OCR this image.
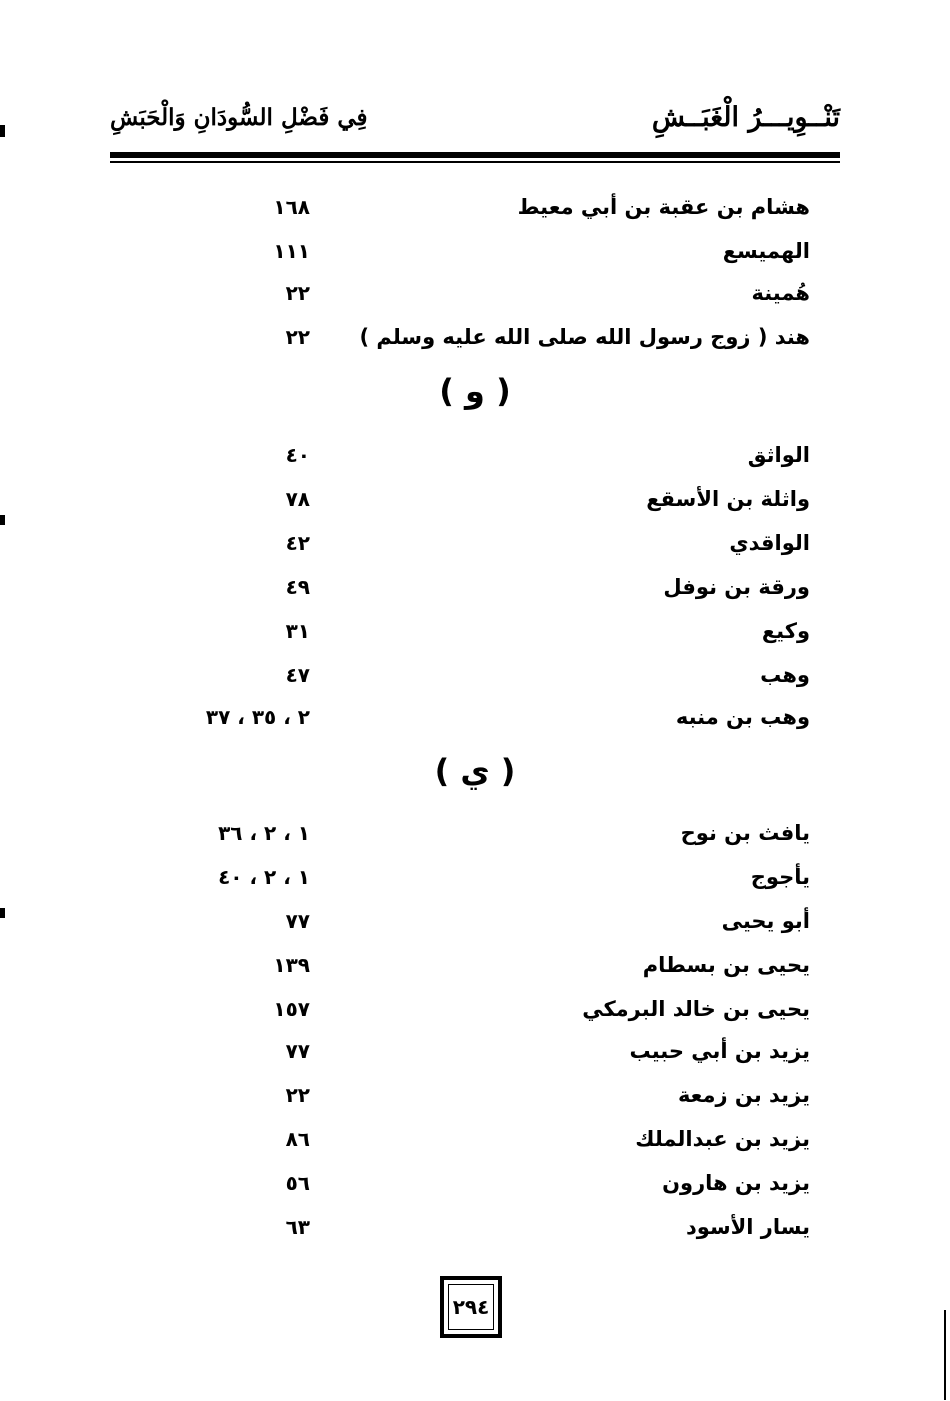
تَنْــوِيـــرُ الْغَبَــشِ
فِي فَضْلِ السُّودَانِ وَالْحَبَشِ
هشام بن عقبة بن أبي معيط
١٦٨
الهميسع
١١١
هُمينة
٢٢
هند ( زوج رسول الله صلى الله عليه وسلم )
٢٢
( و )
الواثق
٤٠
واثلة بن الأسقع
٧٨
الواقدي
٤٢
ورقة بن نوفل
٤٩
وكيع
٣١
وهب
٤٧
وهب بن منبه
٢ ، ٣٥ ، ٣٧
( ي )
يافث بن نوح
١ ، ٢ ، ٣٦
يأجوج
١ ، ٢ ، ٤٠
أبو يحيى
٧٧
يحيى بن بسطام
١٣٩
يحيى بن خالد البرمكي
١٥٧
يزيد بن أبي حبيب
٧٧
يزيد بن زمعة
٢٢
يزيد بن عبدالملك
٨٦
يزيد بن هارون
٥٦
يسار الأسود
٦٣
٢٩٤
